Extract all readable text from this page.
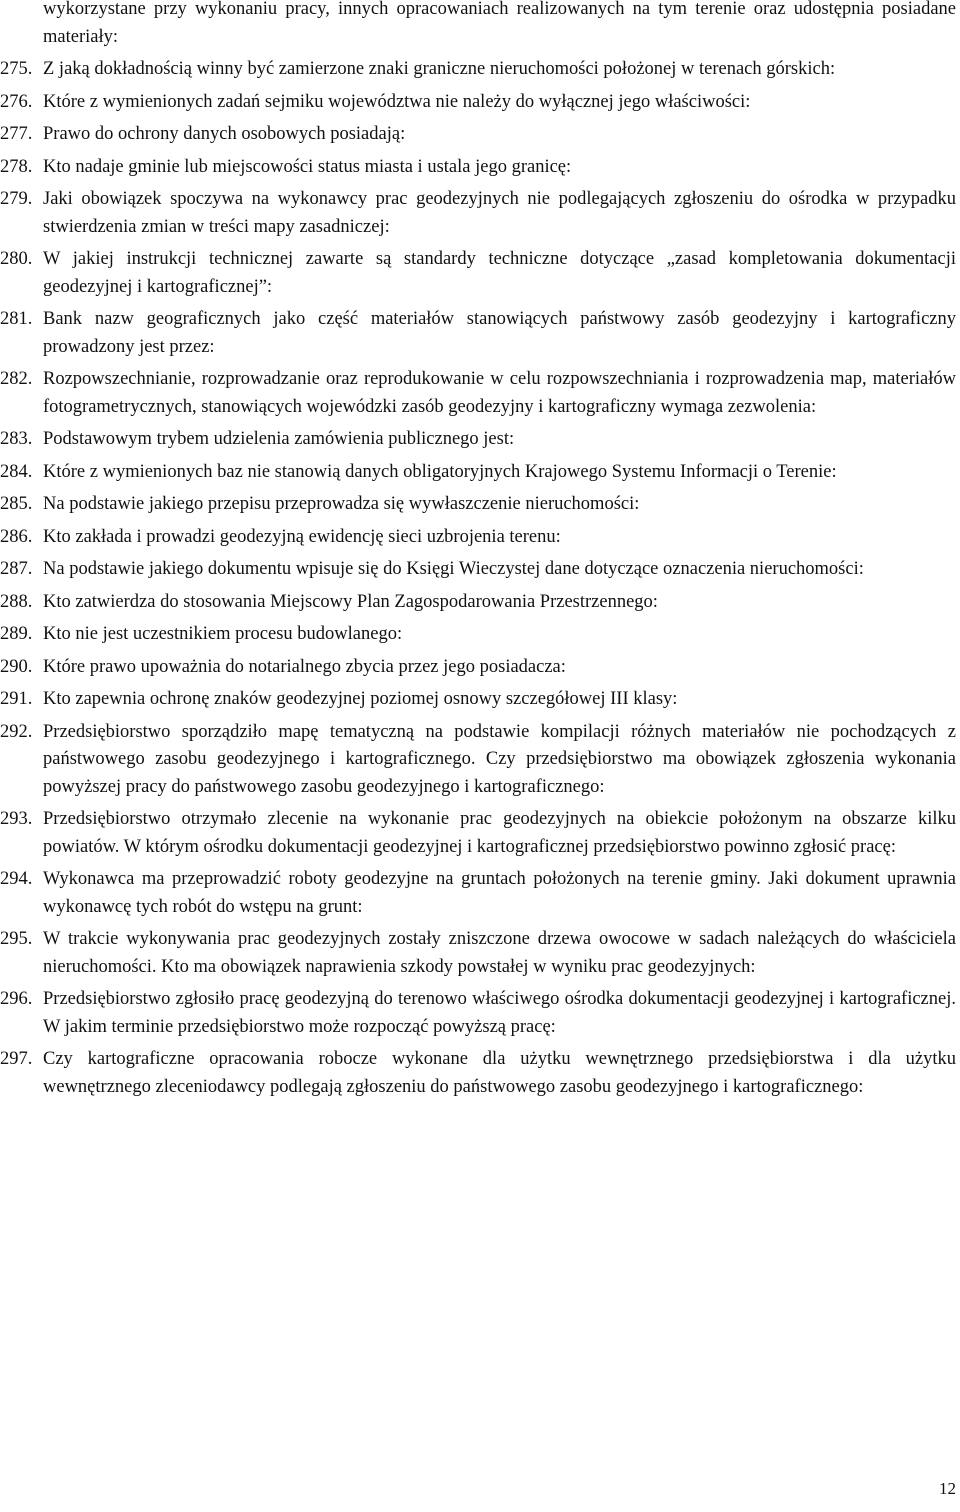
wykorzystane przy wykonaniu pracy, innych opracowaniach realizowanych na tym terenie oraz udostępnia posiadane materiały:
275. Z jaką dokładnością winny być zamierzone znaki graniczne nieruchomości położonej w terenach górskich:
276. Które z wymienionych zadań sejmiku województwa nie należy do wyłącznej jego właściwości:
277. Prawo do ochrony danych osobowych posiadają:
278. Kto nadaje gminie lub miejscowości status miasta i ustala jego granicę:
279. Jaki obowiązek spoczywa na wykonawcy prac geodezyjnych nie podlegających zgłoszeniu do ośrodka w przypadku stwierdzenia zmian w treści mapy zasadniczej:
280. W jakiej instrukcji technicznej zawarte są standardy techniczne dotyczące „zasad kompletowania dokumentacji geodezyjnej i kartograficznej”:
281. Bank nazw geograficznych jako część materiałów stanowiących państwowy zasób geodezyjny i kartograficzny prowadzony jest przez:
282. Rozpowszechnianie, rozprowadzanie oraz reprodukowanie w celu rozpowszechniania i rozprowadzenia map, materiałów fotogrametrycznych, stanowiących wojewódzki zasób geodezyjny i kartograficzny wymaga zezwolenia:
283. Podstawowym trybem udzielenia zamówienia publicznego jest:
284. Które z wymienionych baz nie stanowią danych obligatoryjnych Krajowego Systemu Informacji o Terenie:
285. Na podstawie jakiego przepisu przeprowadza się wywłaszczenie nieruchomości:
286. Kto zakłada i prowadzi geodezyjną ewidencję sieci uzbrojenia terenu:
287. Na podstawie jakiego dokumentu wpisuje się do Księgi Wieczystej dane dotyczące oznaczenia nieruchomości:
288. Kto zatwierdza do stosowania Miejscowy Plan Zagospodarowania Przestrzennego:
289. Kto nie jest uczestnikiem procesu budowlanego:
290. Które prawo upoważnia do notarialnego zbycia przez jego posiadacza:
291. Kto zapewnia ochronę znaków geodezyjnej poziomej osnowy szczegółowej III klasy:
292. Przedsiębiorstwo sporządziło mapę tematyczną na podstawie kompilacji różnych materiałów nie pochodzących z państwowego zasobu geodezyjnego i kartograficznego. Czy przedsiębiorstwo ma obowiązek zgłoszenia wykonania powyższej pracy do państwowego zasobu geodezyjnego i kartograficznego:
293. Przedsiębiorstwo otrzymało zlecenie na wykonanie prac geodezyjnych na obiekcie położonym na obszarze kilku powiatów. W którym ośrodku dokumentacji geodezyjnej i kartograficznej przedsiębiorstwo powinno zgłosić pracę:
294. Wykonawca ma przeprowadzić roboty geodezyjne na gruntach położonych na terenie gminy. Jaki dokument uprawnia wykonawcę tych robót do wstępu na grunt:
295. W trakcie wykonywania prac geodezyjnych zostały zniszczone drzewa owocowe w sadach należących do właściciela nieruchomości. Kto ma obowiązek naprawienia szkody powstałej w wyniku prac geodezyjnych:
296. Przedsiębiorstwo zgłosiło pracę geodezyjną do terenowo właściwego ośrodka dokumentacji geodezyjnej i kartograficznej. W jakim terminie przedsiębiorstwo może rozpocząć powyższą pracę:
297. Czy kartograficzne opracowania robocze wykonane dla użytku wewnętrznego przedsiębiorstwa i dla użytku wewnętrznego zleceniodawcy podlegają zgłoszeniu do państwowego zasobu geodezyjnego i kartograficznego:
12
